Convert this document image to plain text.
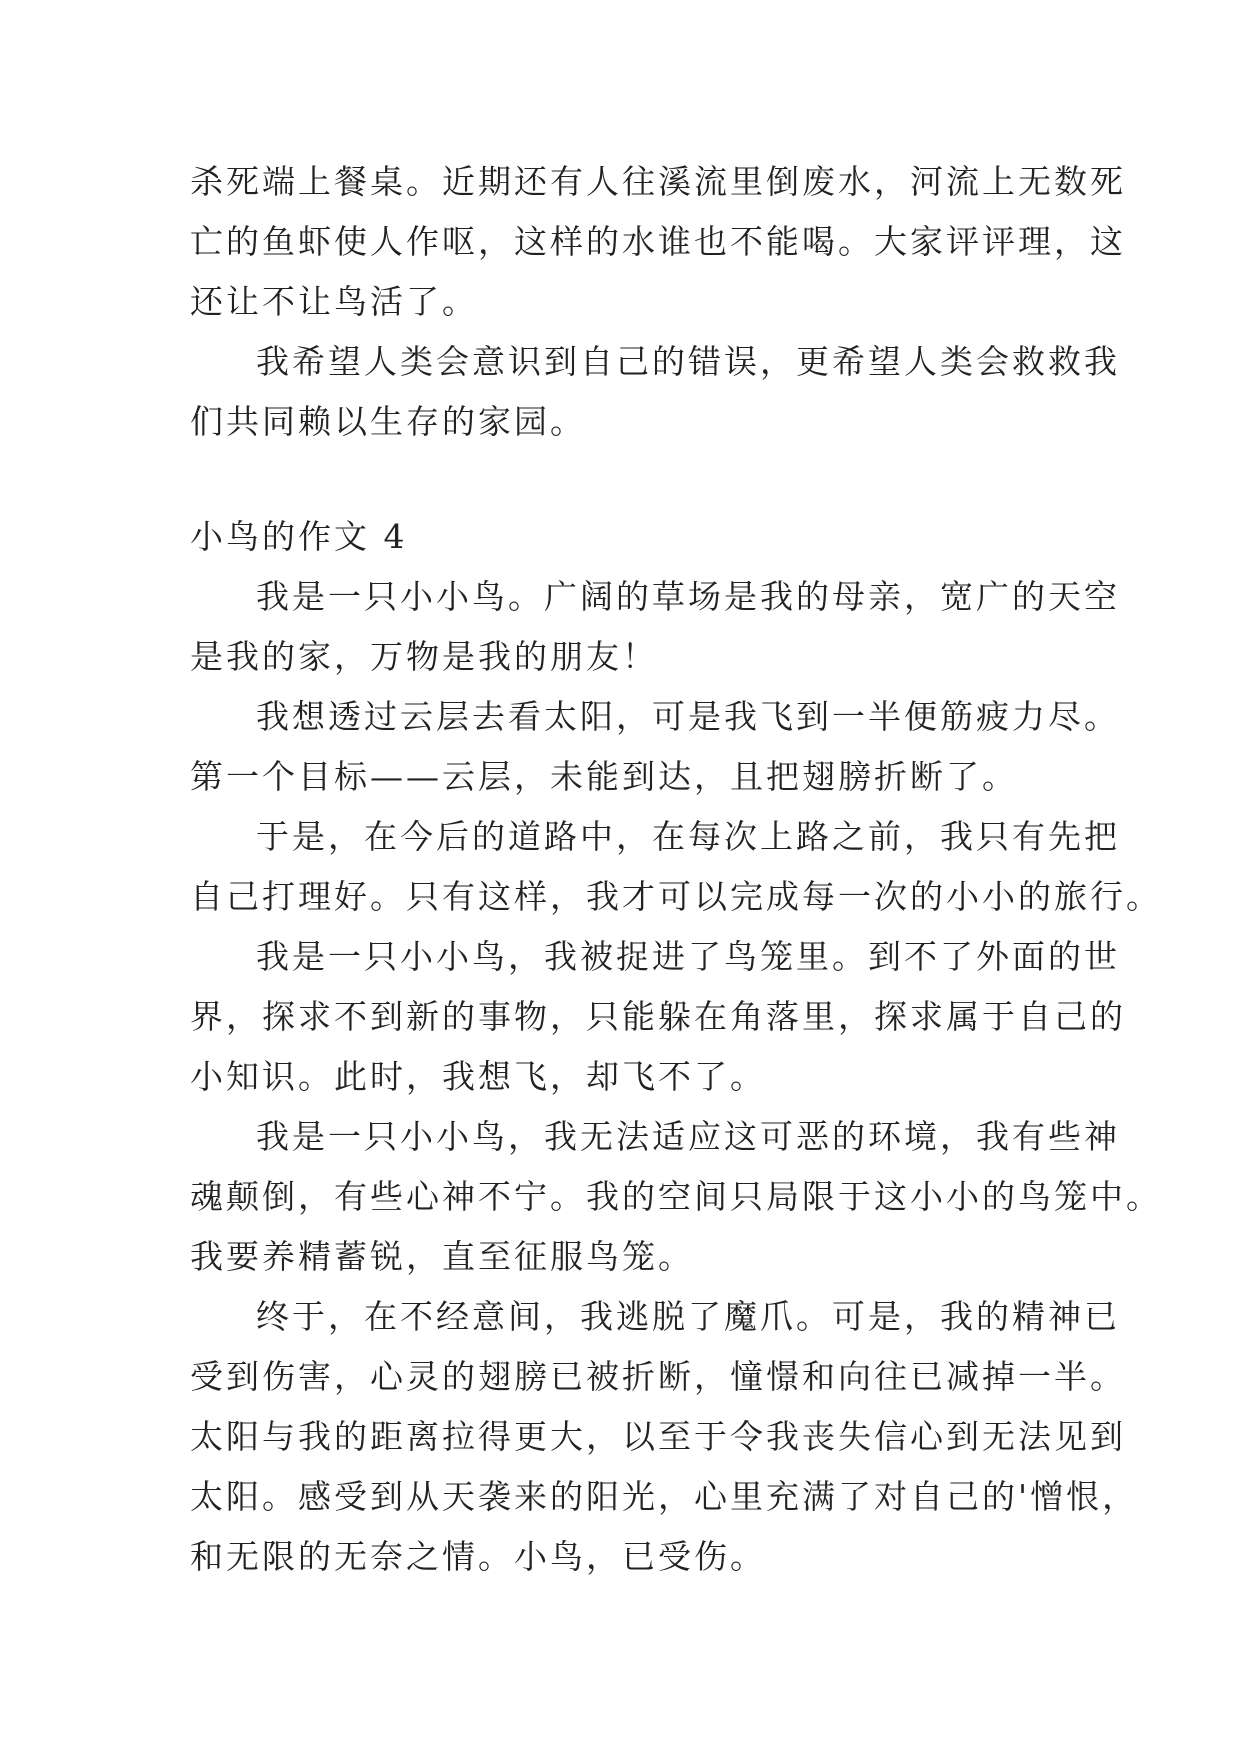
杀死端上餐桌。近期还有人往溪流里倒废水，河流上无数死

亡的鱼虾使人作呕，这样的水谁也不能喝。大家评评理，这

还让不让鸟活了。

我希望人类会意识到自己的错误，更希望人类会救救我

们共同赖以生存的家园。

小鸟的作文 4

我是一只小小鸟。广阔的草场是我的母亲，宽广的天空

是我的家，万物是我的朋友！

我想透过云层去看太阳，可是我飞到一半便筋疲力尽。

第一个目标——云层，未能到达，且把翅膀折断了。

于是，在今后的道路中，在每次上路之前，我只有先把

自己打理好。只有这样，我才可以完成每一次的小小的旅行。

我是一只小小鸟，我被捉进了鸟笼里。到不了外面的世

界，探求不到新的事物，只能躲在角落里，探求属于自己的

小知识。此时，我想飞，却飞不了。

我是一只小小鸟，我无法适应这可恶的环境，我有些神

魂颠倒，有些心神不宁。我的空间只局限于这小小的鸟笼中。

我要养精蓄锐，直至征服鸟笼。

终于，在不经意间，我逃脱了魔爪。可是，我的精神已

受到伤害，心灵的翅膀已被折断，憧憬和向往已减掉一半。

太阳与我的距离拉得更大，以至于令我丧失信心到无法见到

太阳。感受到从天袭来的阳光，心里充满了对自己的'憎恨，

和无限的无奈之情。小鸟，已受伤。
